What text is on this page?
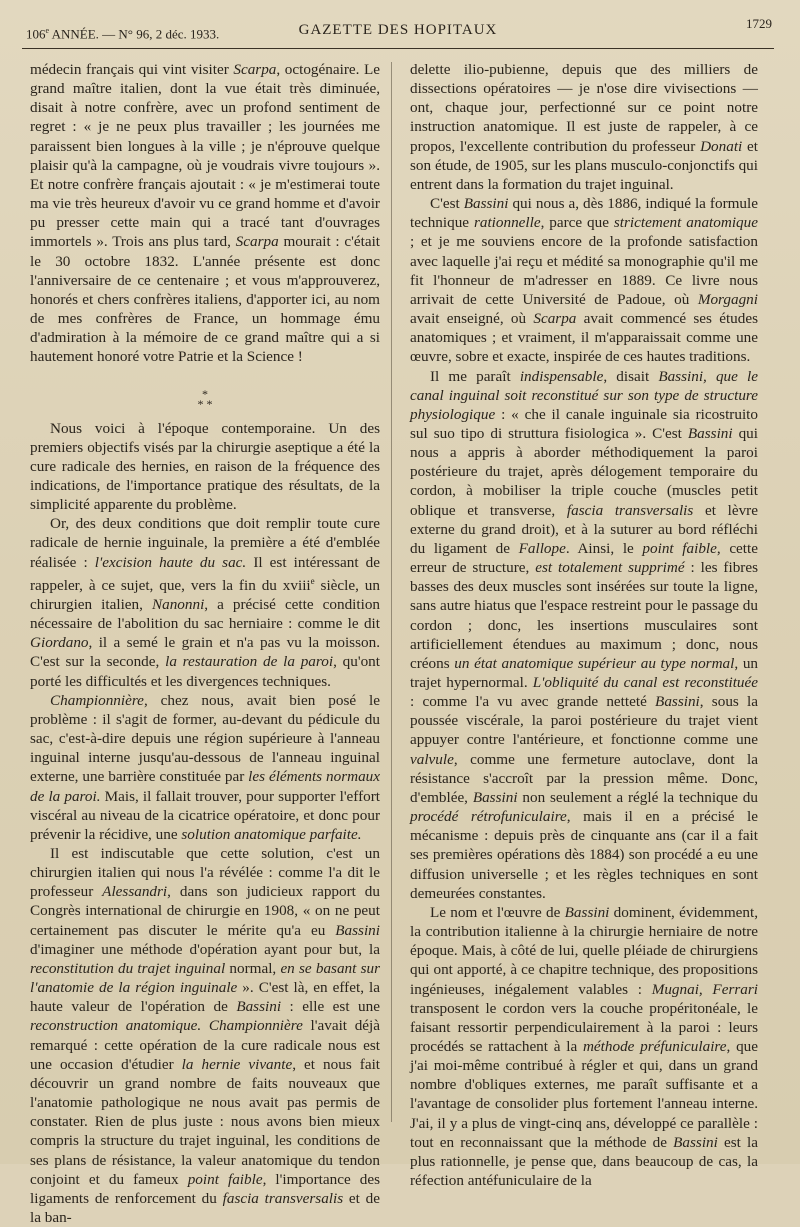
106e ANNÉE. — N° 96, 2 déc. 1933.	GAZETTE DES HOPITAUX	1729

médecin français qui vint visiter Scarpa, octogénaire. Le grand maître italien, dont la vue était très diminuée, disait à notre confrère, avec un profond sentiment de regret : « je ne peux plus travailler ; les journées me paraissent bien longues à la ville ; je n'éprouve quelque plaisir qu'à la campagne, où je voudrais vivre toujours ». Et notre confrère français ajoutait : « je m'estimerai toute ma vie très heureux d'avoir vu ce grand homme et d'avoir pu presser cette main qui a tracé tant d'ouvrages immortels ». Trois ans plus tard, Scarpa mourait : c'était le 30 octobre 1832. L'année présente est donc l'anniversaire de ce centenaire ; et vous m'approuverez, honorés et chers confrères italiens, d'apporter ici, au nom de mes confrères de France, un hommage ému d'admiration à la mémoire de ce grand maître qui a si hautement honoré votre Patrie et la Science !

*
* *

Nous voici à l'époque contemporaine. Un des premiers objectifs visés par la chirurgie aseptique a été la cure radicale des hernies, en raison de la fréquence des indications, de l'importance pratique des résultats, de la simplicité apparente du problème.

Or, des deux conditions que doit remplir toute cure radicale de hernie inguinale, la première a été d'emblée réalisée : l'excision haute du sac. Il est intéressant de rappeler, à ce sujet, que, vers la fin du xviii$^e$ siècle, un chirurgien italien, Nanonni, a précisé cette condition nécessaire de l'abolition du sac herniaire : comme le dit Giordano, il a semé le grain et n'a pas vu la moisson. C'est sur la seconde, la restauration de la paroi, qu'ont porté les difficultés et les divergences techniques.

Championnière, chez nous, avait bien posé le problème : il s'agit de former, au-devant du pédicule du sac, c'est-à-dire depuis une région supérieure à l'anneau inguinal interne jusqu'au-dessous de l'anneau inguinal externe, une barrière constituée par les éléments normaux de la paroi. Mais, il fallait trouver, pour supporter l'effort viscéral au niveau de la cicatrice opératoire, et donc pour prévenir la récidive, une solution anatomique parfaite.

Il est indiscutable que cette solution, c'est un chirurgien italien qui nous l'a révélée : comme l'a dit le professeur Alessandri, dans son judicieux rapport du Congrès international de chirurgie en 1908, « on ne peut certainement pas discuter le mérite qu'a eu Bassini d'imaginer une méthode d'opération ayant pour but, la reconstitution du trajet inguinal normal, en se basant sur l'anatomie de la région inguinale ». C'est là, en effet, la haute valeur de l'opération de Bassini : elle est une reconstruction anatomique. Championnière l'avait déjà remarqué : cette opération de la cure radicale nous est une occasion d'étudier la hernie vivante, et nous fait découvrir un grand nombre de faits nouveaux que l'anatomie pathologique ne nous avait pas permis de constater. Rien de plus juste : nous avons bien mieux compris la structure du trajet inguinal, les conditions de ses plans de résistance, la valeur anatomique du tendon conjoint et du fameux point faible, l'importance des ligaments de renforcement du fascia transversalis et de la ban-

delette ilio-pubienne, depuis que des milliers de dissections opératoires — je n'ose dire vivisections — ont, chaque jour, perfectionné sur ce point notre instruction anatomique. Il est juste de rappeler, à ce propos, l'excellente contribution du professeur Donati et son étude, de 1905, sur les plans musculo-conjonctifs qui entrent dans la formation du trajet inguinal.

C'est Bassini qui nous a, dès 1886, indiqué la formule technique rationnelle, parce que strictement anatomique ; et je me souviens encore de la profonde satisfaction avec laquelle j'ai reçu et médité sa monographie qu'il me fit l'honneur de m'adresser en 1889. Ce livre nous arrivait de cette Université de Padoue, où Morgagni avait enseigné, où Scarpa avait commencé ses études anatomiques ; et vraiment, il m'apparaissait comme une œuvre, sobre et exacte, inspirée de ces hautes traditions.

Il me paraît indispensable, disait Bassini, que le canal inguinal soit reconstitué sur son type de structure physiologique : « che il canale inguinale sia ricostruito sul suo tipo di struttura fisiologica ». C'est Bassini qui nous a appris à aborder méthodiquement la paroi postérieure du trajet, après délogement temporaire du cordon, à mobiliser la triple couche (muscles petit oblique et transverse, fascia transversalis et lèvre externe du grand droit), et à la suturer au bord réfléchi du ligament de Fallope. Ainsi, le point faible, cette erreur de structure, est totalement supprimé : les fibres basses des deux muscles sont insérées sur toute la ligne, sans autre hiatus que l'espace restreint pour le passage du cordon ; donc, les insertions musculaires sont artificiellement étendues au maximum ; donc, nous créons un état anatomique supérieur au type normal, un trajet hypernormal. L'obliquité du canal est reconstituée : comme l'a vu avec grande netteté Bassini, sous la poussée viscérale, la paroi postérieure du trajet vient appuyer contre l'antérieure, et fonctionne comme une valvule, comme une fermeture autoclave, dont la résistance s'accroît par la pression même. Donc, d'emblée, Bassini non seulement a réglé la technique du procédé rétrofuniculaire, mais il en a précisé le mécanisme : depuis près de cinquante ans (car il a fait ses premières opérations dès 1884) son procédé a eu une diffusion universelle ; et les règles techniques en sont demeurées constantes.

Le nom et l'œuvre de Bassini dominent, évidemment, la contribution italienne à la chirurgie herniaire de notre époque. Mais, à côté de lui, quelle pléiade de chirurgiens qui ont apporté, à ce chapitre technique, des propositions ingénieuses, inégalement valables : Mugnai, Ferrari transposent le cordon vers la couche propéritonéale, le faisant ressortir perpendiculairement à la paroi : leurs procédés se rattachent à la méthode préfuniculaire, que j'ai moi-même contribué à régler et qui, dans un grand nombre d'obliques externes, me paraît suffisante et a l'avantage de consolider plus fortement l'anneau interne. J'ai, il y a plus de vingt-cinq ans, développé ce parallèle : tout en reconnaissant que la méthode de Bassini est la plus rationnelle, je pense que, dans beaucoup de cas, la réfection antéfuniculaire de la
